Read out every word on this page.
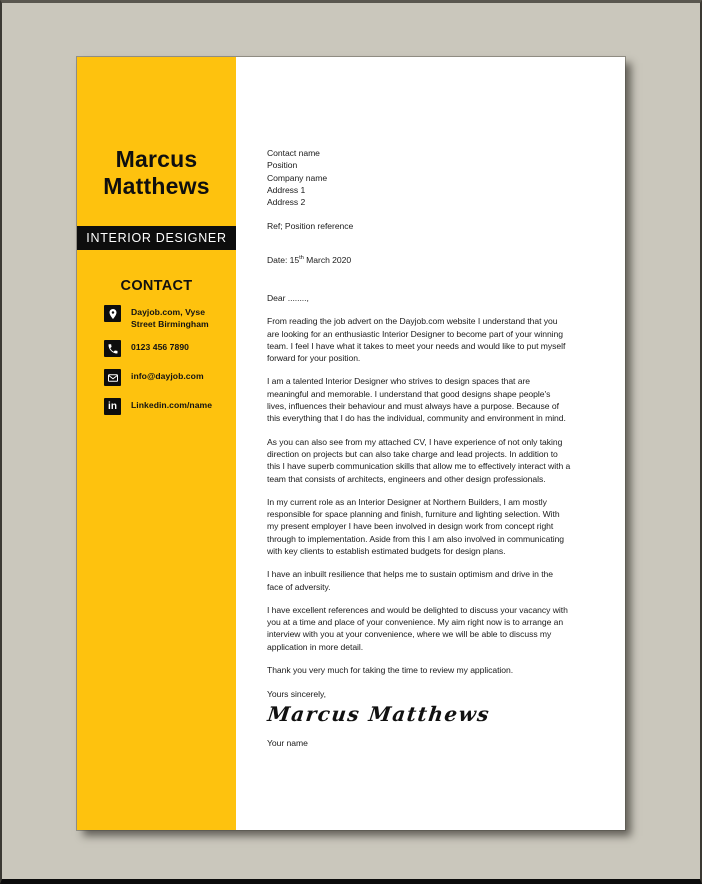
Marcus Matthews
INTERIOR DESIGNER
CONTACT
Dayjob.com, Vyse Street Birmingham
0123 456 7890
info@dayjob.com
in Linkedin.com/name
Contact name
Position
Company name
Address 1
Address 2

Ref; Position reference

Date: 15th March 2020

Dear ........,

From reading the job advert on the Dayjob.com website I understand that you are looking for an enthusiastic Interior Designer to become part of your winning team. I feel I have what it takes to meet your needs and would like to put myself forward for your position.

I am a talented Interior Designer who strives to design spaces that are meaningful and memorable. I understand that good designs shape people's lives, influences their behaviour and must always have a purpose. Because of this everything that I do has the individual, community and environment in mind.

As you can also see from my attached CV, I have experience of not only taking direction on projects but can also take charge and lead projects. In addition to this I have superb communication skills that allow me to effectively interact with a team that consists of architects, engineers and other design professionals.

In my current role as an Interior Designer at Northern Builders, I am mostly responsible for space planning and finish, furniture and lighting selection. With my present employer I have been involved in design work from concept right through to implementation. Aside from this I am also involved in communicating with key clients to establish estimated budgets for design plans.

I have an inbuilt resilience that helps me to sustain optimism and drive in the face of adversity.

I have excellent references and would be delighted to discuss your vacancy with you at a time and place of your convenience. My aim right now is to arrange an interview with you at your convenience, where we will be able to discuss my application in more detail.

Thank you very much for taking the time to review my application.

Yours sincerely,

Marcus Matthews

Your name
